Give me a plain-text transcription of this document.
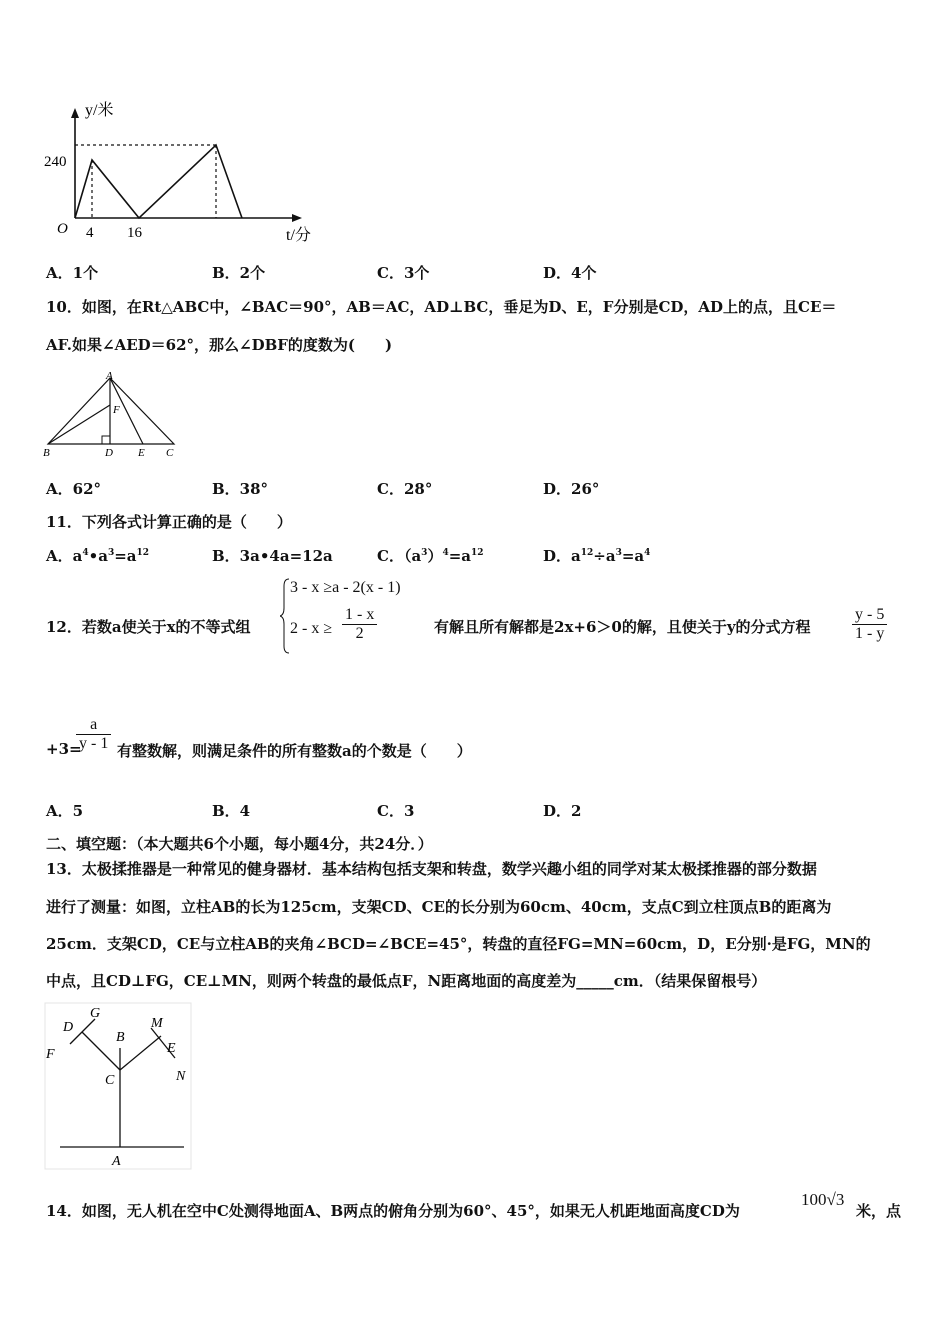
y/米
t/分
O
240
4 16
A．1个	B．2个	C．3个	D．4个
10．如图，在Rt△ABC中，∠BAC＝90°，AB＝AC，AD⊥BC，垂足为D、E，F分别是CD，AD上的点，且CE＝
AF.如果∠AED＝62°，那么∠DBF的度数为(　　)
A
F
B	D E C
A．62°	B．38°	C．28°	D．26°
11．下列各式计算正确的是（　　）
A．$a^4•a^3=a^{12}$	B．3a•4a=12a	C．$(a^3)^4=a^{12}$	D．$a^{12}\div a^3=a^4$
12．若数a使关于x的不等式组
3 - x ≥a - 2(x - 1)
$2 - x \ge \frac{1 - x}{2}$	有解且所有解都是2x+6＞0的解，且使关于y的分式方程	$\frac{y - 5}{1 - y}$
+3=
$\frac{a}{y - 1}$ 有整数解，则满足条件的所有整数a的个数是（　　）
A．5	B．4	C．3	D．2
二、填空题：（本大题共6个小题，每小题4分，共24分．）
13．太极揉推器是一种常见的健身器材．基本结构包括支架和转盘，数学兴趣小组的同学对某太极揉推器的部分数据
进行了测量：如图，立柱AB的长为125cm，支架CD、CE的长分别为60cm、40cm，支点C到立柱顶点B的距离为
25cm．支架CD，CE与立柱AB的夹角∠BCD=∠BCE=45°，转盘的直径FG=MN=60cm，D，E分别·是FG，MN的
中点，且CD⊥FG，CE⊥MN，则两个转盘的最低点F，N距离地面的高度差为_____cm．（结果保留根号）
G
D
F
B
M
E
N
C
A
14．如图，无人机在空中C处测得地面A、B两点的俯角分别为60°、45°，如果无人机距地面高度CD为
100√3
米，点
